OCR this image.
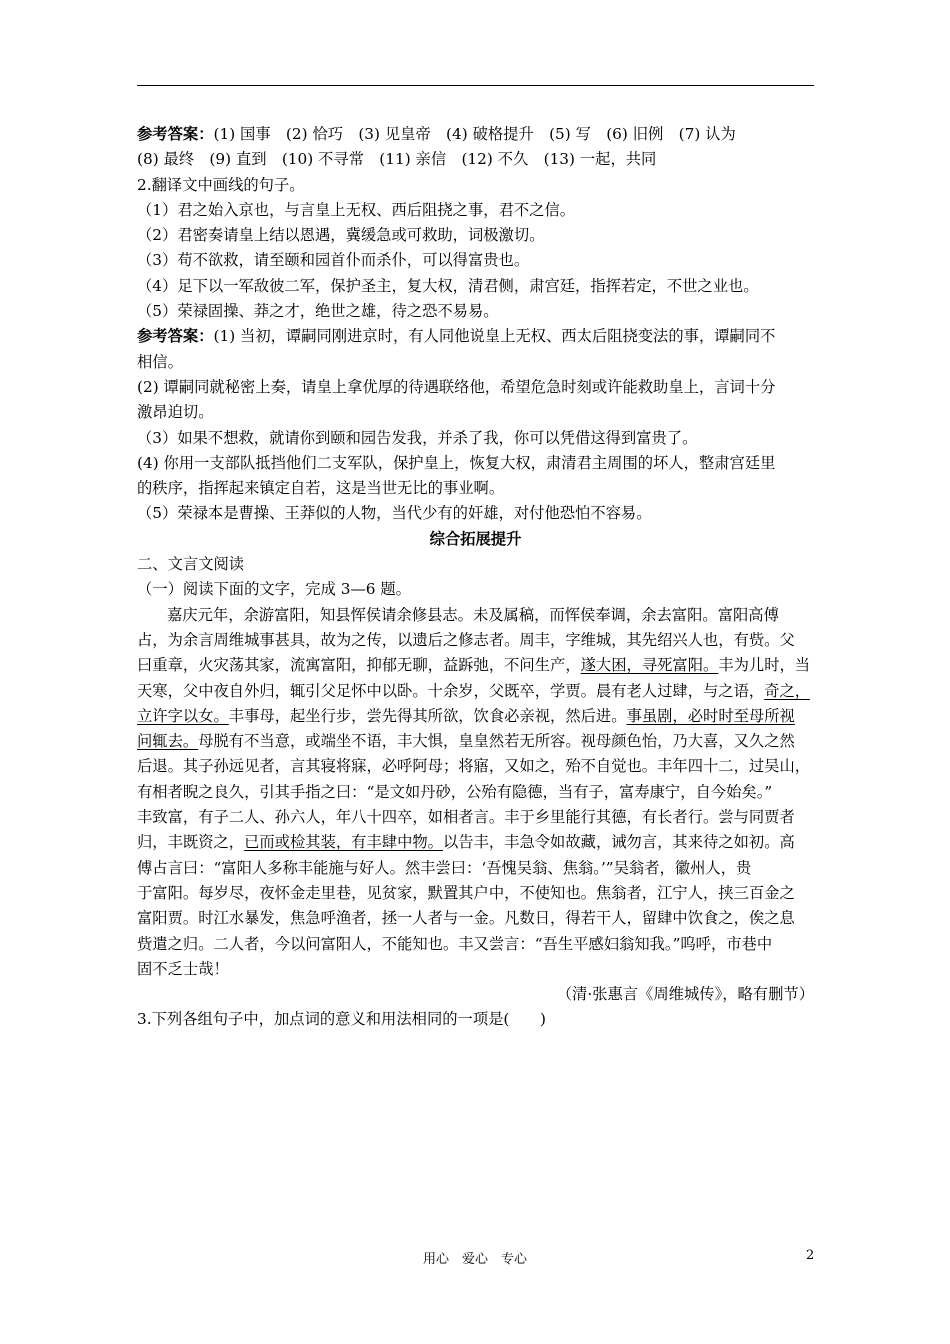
参考答案：(1) 国事　(2) 恰巧　(3) 见皇帝　(4) 破格提升　(5) 写　(6) 旧例　(7) 认为
(8) 最终　(9) 直到　(10) 不寻常　(11) 亲信　(12) 不久　(13) 一起，共同
2.翻译文中画线的句子。
（1）君之始入京也，与言皇上无权、西后阻挠之事，君不之信。
（2）君密奏请皇上结以恩遇，冀缓急或可救助，词极激切。
（3）苟不欲救，请至颐和园首仆而杀仆，可以得富贵也。
（4）足下以一军敌彼二军，保护圣主，复大权，清君侧，肃宫廷，指挥若定，不世之业也。
（5）荣禄固操、莽之才，绝世之雄，待之恐不易易。
参考答案：(1) 当初，谭嗣同刚进京时，有人同他说皇上无权、西太后阻挠变法的事，谭嗣同不
相信。
(2) 谭嗣同就秘密上奏，请皇上拿优厚的待遇联络他，希望危急时刻或许能救助皇上，言词十分
激昂迫切。
（3）如果不想救，就请你到颐和园告发我，并杀了我，你可以凭借这得到富贵了。
(4) 你用一支部队抵挡他们二支军队，保护皇上，恢复大权，肃清君主周围的坏人，整肃宫廷里
的秩序，指挥起来镇定自若，这是当世无比的事业啊。
（5）荣禄本是曹操、王莽似的人物，当代少有的奸雄，对付他恐怕不容易。
综合拓展提升
二、文言文阅读
（一）阅读下面的文字，完成 3—6 题。
嘉庆元年，余游富阳，知县恽侯请余修县志。未及属稿，而恽侯奉调，余去富阳。富阳高傅
占，为余言周维城事甚具，故为之传，以遗后之修志者。周丰，字维城，其先绍兴人也，有赀。父
曰重章，火灾荡其家，流寓富阳，抑郁无聊，益跅弛，不问生产，遂大困，寻死富阳。丰为儿时，当
天寒，父中夜自外归，辄引父足怀中以卧。十余岁，父既卒，学贾。晨有老人过肆，与之语，奇之，
立许字以女。丰事母，起坐行步，尝先得其所欲，饮食必亲视，然后进。事虽剧，必时时至母所视
问辄去。母脱有不当意，或端坐不语，丰大惧，皇皇然若无所容。视母颜色怡，乃大喜，又久之然
后退。其子孙远见者，言其寝将寐，必呼阿母；将寤，又如之，殆不自觉也。丰年四十二，过吴山，
有相者睨之良久，引其手指之曰：“是文如丹砂，公殆有隐德，当有子，富寿康宁，自今始矣。”
丰致富，有子二人、孙六人，年八十四卒，如相者言。丰于乡里能行其德，有长者行。尝与同贾者
归，丰既资之，已而或检其装，有丰肆中物。以告丰，丰急令如故藏，诫勿言，其来待之如初。高
傅占言曰：“富阳人多称丰能施与好人。然丰尝曰：‘吾愧吴翁、焦翁。’”吴翁者，徽州人，贵
于富阳。每岁尽，夜怀金走里巷，见贫家，默置其户中，不使知也。焦翁者，江宁人，挟三百金之
富阳贾。时江水暴发，焦急呼渔者，拯一人者与一金。凡数日，得若干人，留肆中饮食之，俟之息
赀遣之归。二人者，今以问富阳人，不能知也。丰又尝言：“吾生平感妇翁知我。”呜呼，市巷中
固不乏士哉！
（清·张惠言《周维城传》，略有删节）
3.下列各组句子中，加点词的意义和用法相同的一项是(　　)
用心　爱心　专心	2
